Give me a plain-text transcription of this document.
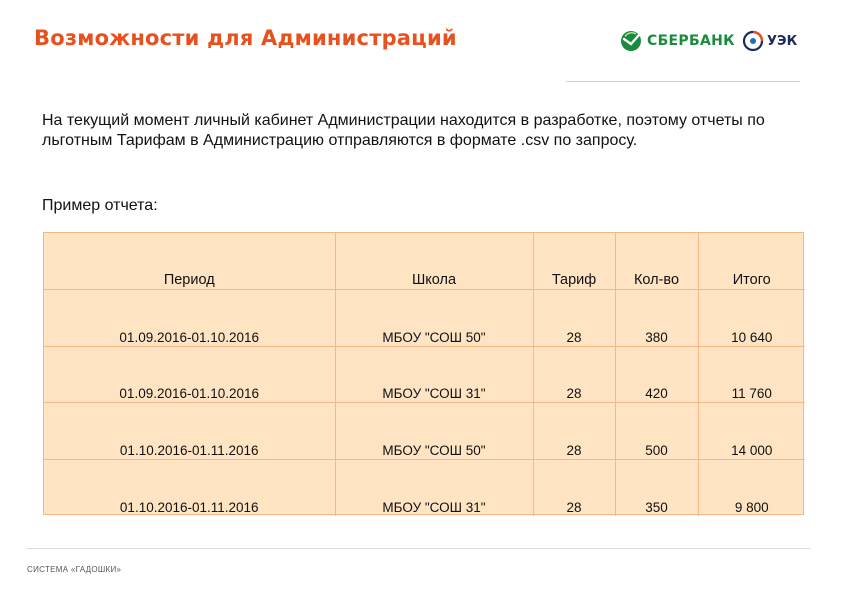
Возможности для Администраций	СБЕРБАНК УЭК
На текущий момент личный кабинет Администрации находится в разработке, поэтому отчеты по льготным Тарифам в Администрацию отправляются в формате .csv по запросу.
Пример отчета:
Период	Школа	Тариф	Кол-во	Итого

01.09.2016-01.10.2016	МБОУ "СОШ 50"	28	380	10 640

01.09.2016-01.10.2016	МБОУ "СОШ 31"	28	420	11 760

01.10.2016-01.11.2016	МБОУ "СОШ 50"	28	500	14 000

01.10.2016-01.11.2016	МБОУ "СОШ 31"	28	350	9 800
СИСТЕМА «ГАДОШКИ»
